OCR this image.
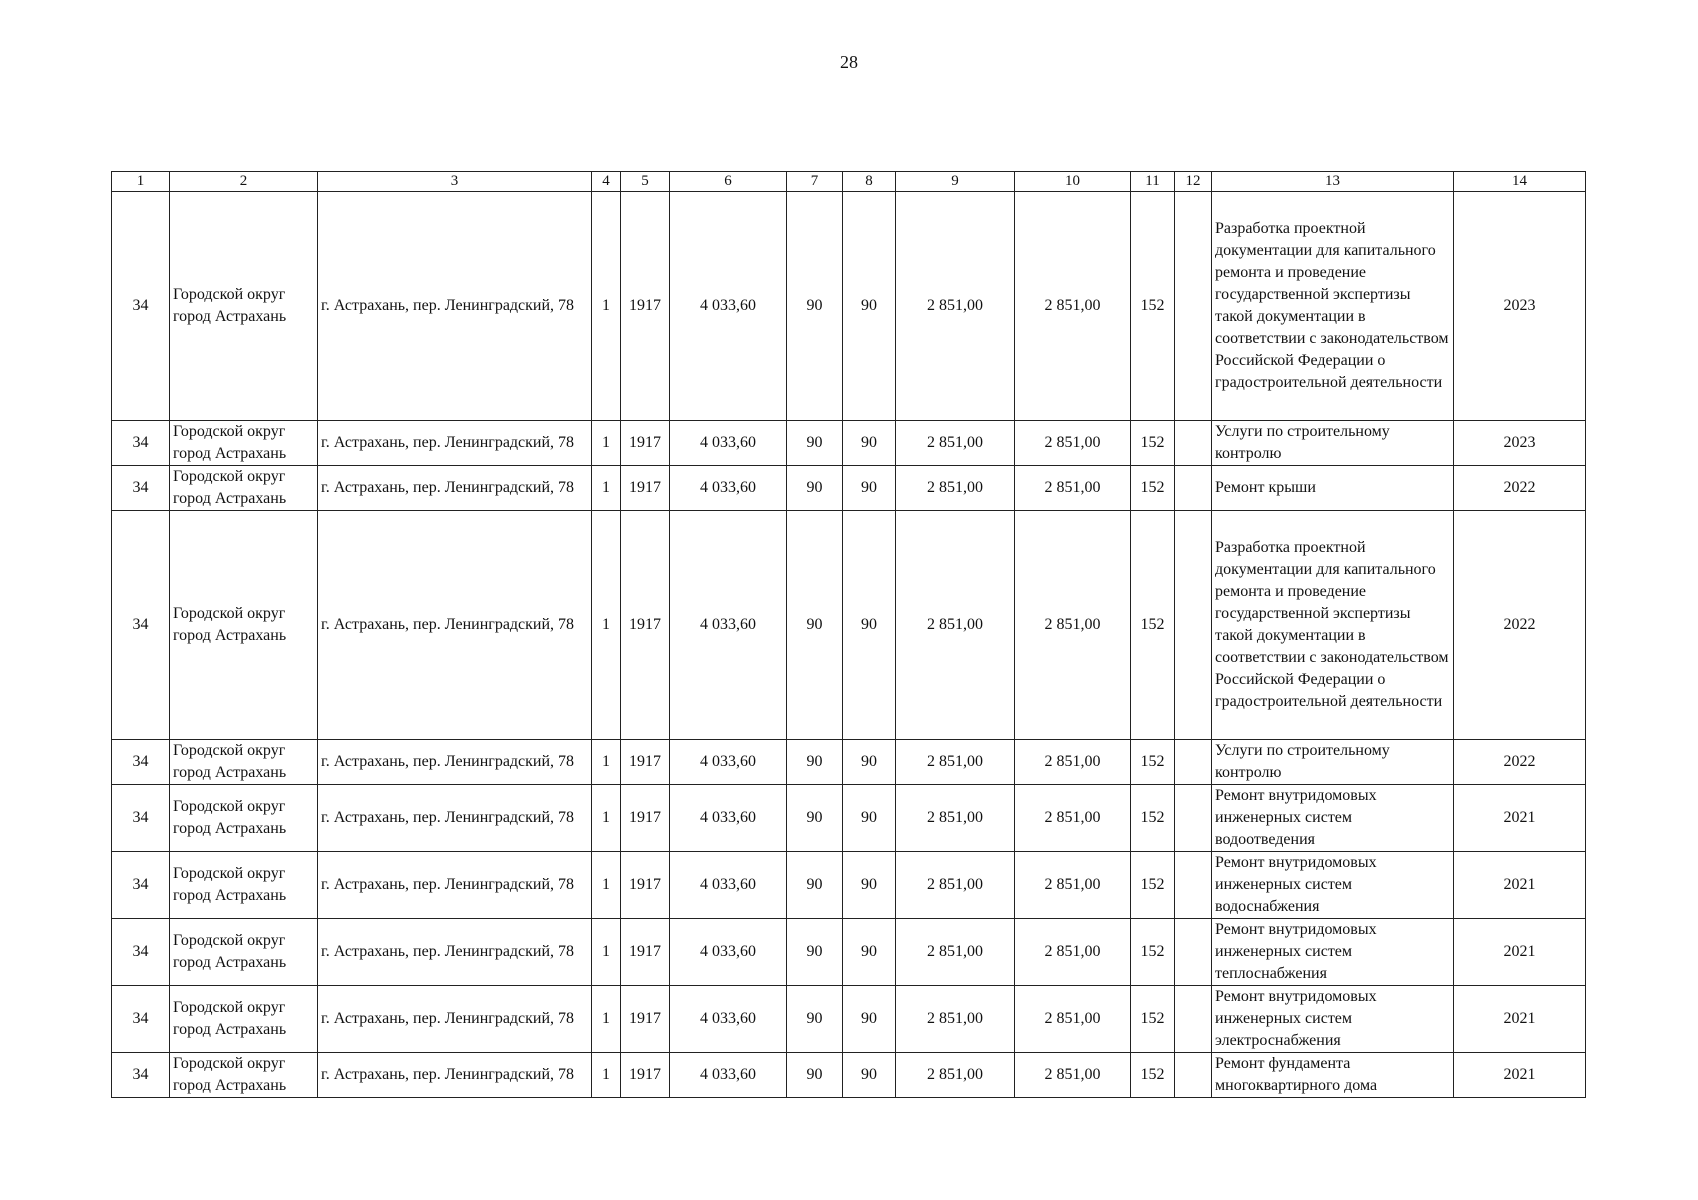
28
1	2	3	4	5	6	7	8	9	10	11	12	13	14
34	Городской округ город Астрахань	г. Астрахань, пер. Ленинградский, 78	1	1917	4 033,60	90	90	2 851,00	2 851,00	152		Разработка проектной документации для капитального ремонта и проведение государственной экспертизы такой документации в соответствии с законодательством Российской Федерации о градостроительной деятельности	2023
34	Городской округ город Астрахань	г. Астрахань, пер. Ленинградский, 78	1	1917	4 033,60	90	90	2 851,00	2 851,00	152		Услуги по строительному контролю	2023
34	Городской округ город Астрахань	г. Астрахань, пер. Ленинградский, 78	1	1917	4 033,60	90	90	2 851,00	2 851,00	152		Ремонт крыши	2022
34	Городской округ город Астрахань	г. Астрахань, пер. Ленинградский, 78	1	1917	4 033,60	90	90	2 851,00	2 851,00	152		Разработка проектной документации для капитального ремонта и проведение государственной экспертизы такой документации в соответствии с законодательством Российской Федерации о градостроительной деятельности	2022
34	Городской округ город Астрахань	г. Астрахань, пер. Ленинградский, 78	1	1917	4 033,60	90	90	2 851,00	2 851,00	152		Услуги по строительному контролю	2022
34	Городской округ город Астрахань	г. Астрахань, пер. Ленинградский, 78	1	1917	4 033,60	90	90	2 851,00	2 851,00	152		Ремонт внутридомовых инженерных систем водоотведения	2021
34	Городской округ город Астрахань	г. Астрахань, пер. Ленинградский, 78	1	1917	4 033,60	90	90	2 851,00	2 851,00	152		Ремонт внутридомовых инженерных систем водоснабжения	2021
34	Городской округ город Астрахань	г. Астрахань, пер. Ленинградский, 78	1	1917	4 033,60	90	90	2 851,00	2 851,00	152		Ремонт внутридомовых инженерных систем теплоснабжения	2021
34	Городской округ город Астрахань	г. Астрахань, пер. Ленинградский, 78	1	1917	4 033,60	90	90	2 851,00	2 851,00	152		Ремонт внутридомовых инженерных систем электроснабжения	2021
34	Городской округ город Астрахань	г. Астрахань, пер. Ленинградский, 78	1	1917	4 033,60	90	90	2 851,00	2 851,00	152		Ремонт фундамента многоквартирного дома	2021
